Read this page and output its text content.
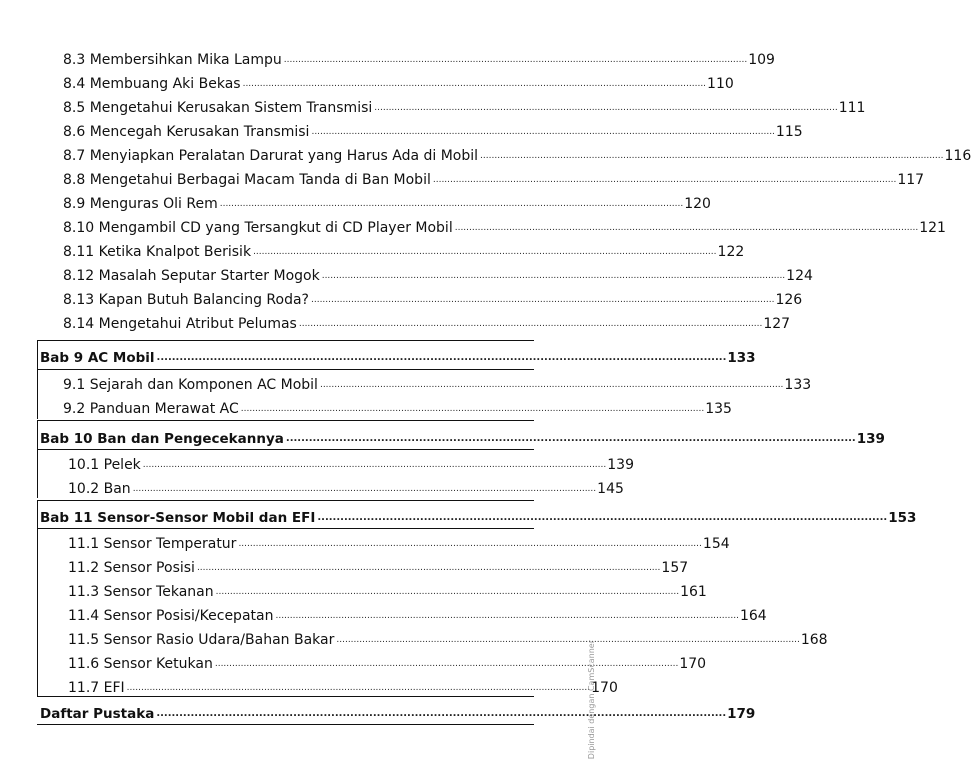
8.3 Membersihkan Mika Lampu .................................................................................................................................................................. 109
8.4 Membuang Aki Bekas .................................................................................................................................................................. 110
8.5 Mengetahui Kerusakan Sistem Transmisi .................................................................................................................................................................. 111
8.6 Mencegah Kerusakan Transmisi .................................................................................................................................................................. 115
8.7 Menyiapkan Peralatan Darurat yang Harus Ada di Mobil .................................................................................................................................................................. 116
8.8 Mengetahui Berbagai Macam Tanda di Ban Mobil .................................................................................................................................................................. 117
8.9 Menguras Oli Rem .................................................................................................................................................................. 120
8.10 Mengambil CD yang Tersangkut di CD Player Mobil .................................................................................................................................................................. 121
8.11 Ketika Knalpot Berisik .................................................................................................................................................................. 122
8.12 Masalah Seputar Starter Mogok .................................................................................................................................................................. 124
8.13 Kapan Butuh Balancing Roda? .................................................................................................................................................................. 126
8.14 Mengetahui Atribut Pelumas .................................................................................................................................................................. 127
Bab 9 AC Mobil ...................................................................................................................................................... 133
9.1 Sejarah dan Komponen AC Mobil .................................................................................................................................................................. 133
9.2 Panduan Merawat AC .................................................................................................................................................................. 135
Bab 10 Ban dan Pengecekannya ...................................................................................................................................................... 139
10.1 Pelek .................................................................................................................................................................. 139
10.2 Ban .................................................................................................................................................................. 145
Bab 11 Sensor-Sensor Mobil dan EFI ...................................................................................................................................................... 153
11.1 Sensor Temperatur .................................................................................................................................................................. 154
11.2 Sensor Posisi .................................................................................................................................................................. 157
11.3 Sensor Tekanan .................................................................................................................................................................. 161
11.4 Sensor Posisi/Kecepatan .................................................................................................................................................................. 164
11.5 Sensor Rasio Udara/Bahan Bakar .................................................................................................................................................................. 168
11.6 Sensor Ketukan .................................................................................................................................................................. 170
11.7 EFI .................................................................................................................................................................. 170
Daftar Pustaka ...................................................................................................................................................... 179
Dipindai dengan CamScanner
